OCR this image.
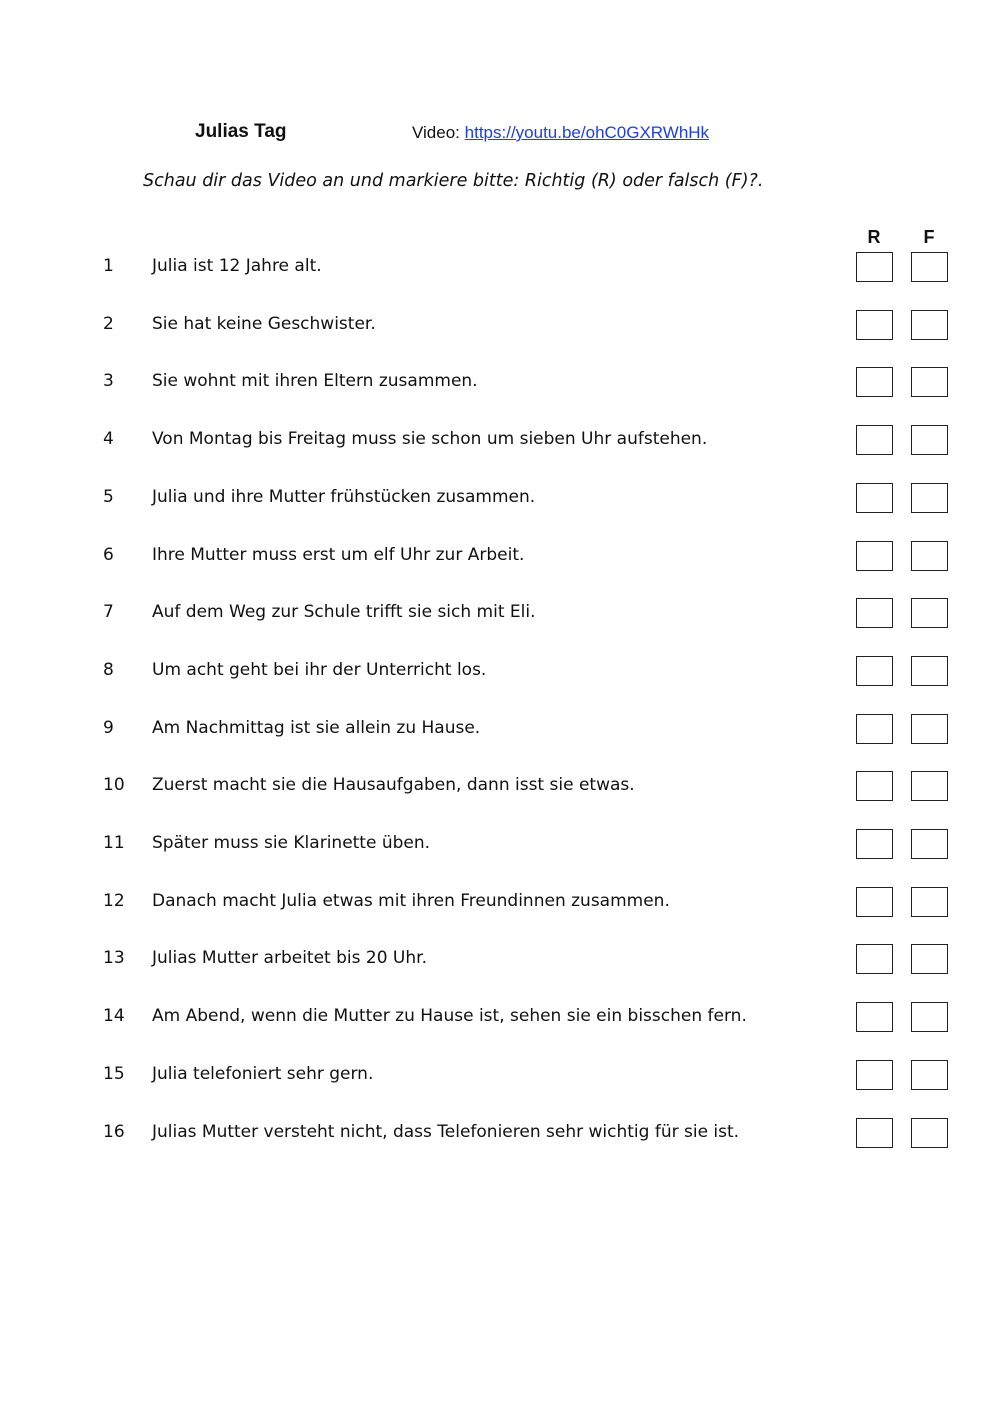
Julias Tag	Video: https://youtu.be/ohC0GXRWhHk
Schau dir das Video an und markiere bitte: Richtig (R) oder falsch (F)?.
R	F
1 Julia ist 12 Jahre alt.
2 Sie hat keine Geschwister.
3 Sie wohnt mit ihren Eltern zusammen.
4 Von Montag bis Freitag muss sie schon um sieben Uhr aufstehen.
5 Julia und ihre Mutter frühstücken zusammen.
6 Ihre Mutter muss erst um elf Uhr zur Arbeit.
7 Auf dem Weg zur Schule trifft sie sich mit Eli.
8 Um acht geht bei ihr der Unterricht los.
9 Am Nachmittag ist sie allein zu Hause.
10 Zuerst macht sie die Hausaufgaben, dann isst sie etwas.
11 Später muss sie Klarinette üben.
12 Danach macht Julia etwas mit ihren Freundinnen zusammen.
13 Julias Mutter arbeitet bis 20 Uhr.
14 Am Abend, wenn die Mutter zu Hause ist, sehen sie ein bisschen fern.
15 Julia telefoniert sehr gern.
16 Julias Mutter versteht nicht, dass Telefonieren sehr wichtig für sie ist.
